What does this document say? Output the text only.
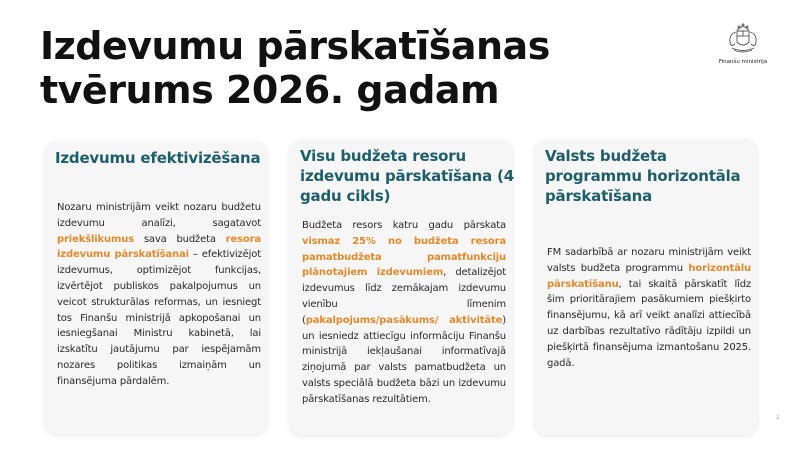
Izdevumu pārskatīšanas
tvērums 2026. gadam
Finanšu ministrija
Izdevumu efektivizēšana

Nozaru ministrijām veikt nozaru budžetu izdevumu analīzi, sagatavot priekšlikumus sava budžeta resora izdevumu pārskatīšanai – efektivizējot izdevumus, optimizējot funkcijas, izvērtējot publiskos pakalpojumus un veicot strukturālas reformas, un iesniegt tos Finanšu ministrijā apkopošanai un iesniegšanai Ministru kabinetā, lai izskatītu jautājumu par iespējamām nozares politikas izmaiņām un finansējuma pārdalēm.

Visu budžeta resoru izdevumu pārskatīšana (4 gadu cikls)

Budžeta resors katru gadu pārskata vismaz 25% no budžeta resora pamatbudžeta pamatfunkciju plānotajiem izdevumiem, detalizējot izdevumus līdz zemākajam izdevumu vienību līmenim (pakalpojums/pasākums/ aktivitāte) un iesniedz attiecīgu informāciju Finanšu ministrijā iekļaušanai informatīvajā ziņojumā par valsts pamatbudžeta un valsts speciālā budžeta bāzi un izdevumu pārskatīšanas rezultātiem.

Valsts budžeta programmu horizontāla pārskatīšana

FM sadarbībā ar nozaru ministrijām veikt valsts budžeta programmu horizontālu pārskatīšanu, tai skaitā pārskatīt līdz šim prioritārajiem pasākumiem piešķirto finansējumu, kā arī veikt analīzi attiecībā uz darbības rezultatīvo rādītāju izpildi un piešķirtā finansējuma izmantošanu 2025. gadā.

1
